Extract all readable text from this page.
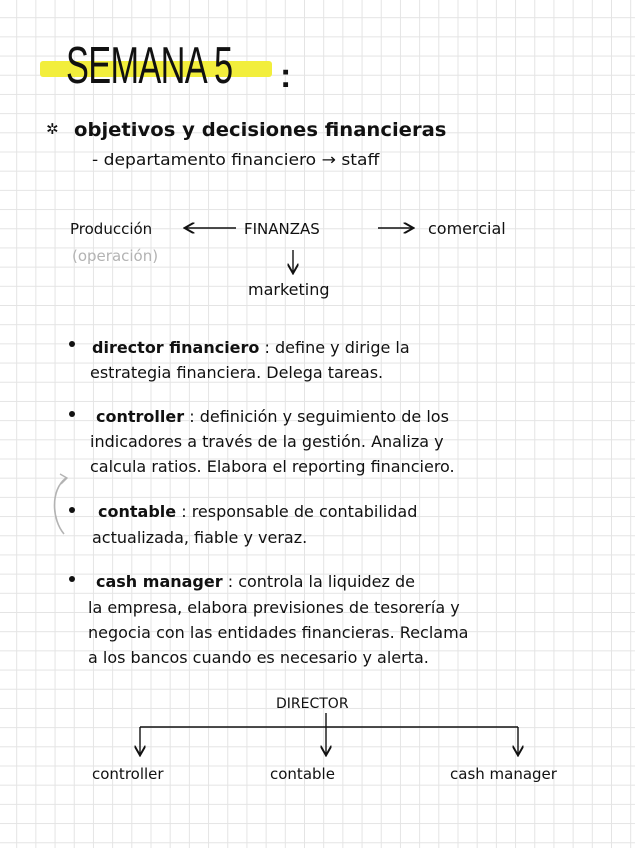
SEMANA 5 :
✲ objetivos y decisiones financieras
- departamento financiero → staff
Producción
(operación)
FINANZAS	comercial
marketing
director financiero : define y dirige la
estrategia financiera. Delega tareas.
controller : definición y seguimiento de los
indicadores a través de la gestión. Analiza y
calcula ratios. Elabora el reporting financiero.
contable : responsable de contabilidad
actualizada, fiable y veraz.
cash manager : controla la liquidez de
la empresa, elabora previsiones de tesorería y
negocia con las entidades financieras. Reclama
a los bancos cuando es necesario y alerta.
DIRECTOR
controller	contable	cash manager
